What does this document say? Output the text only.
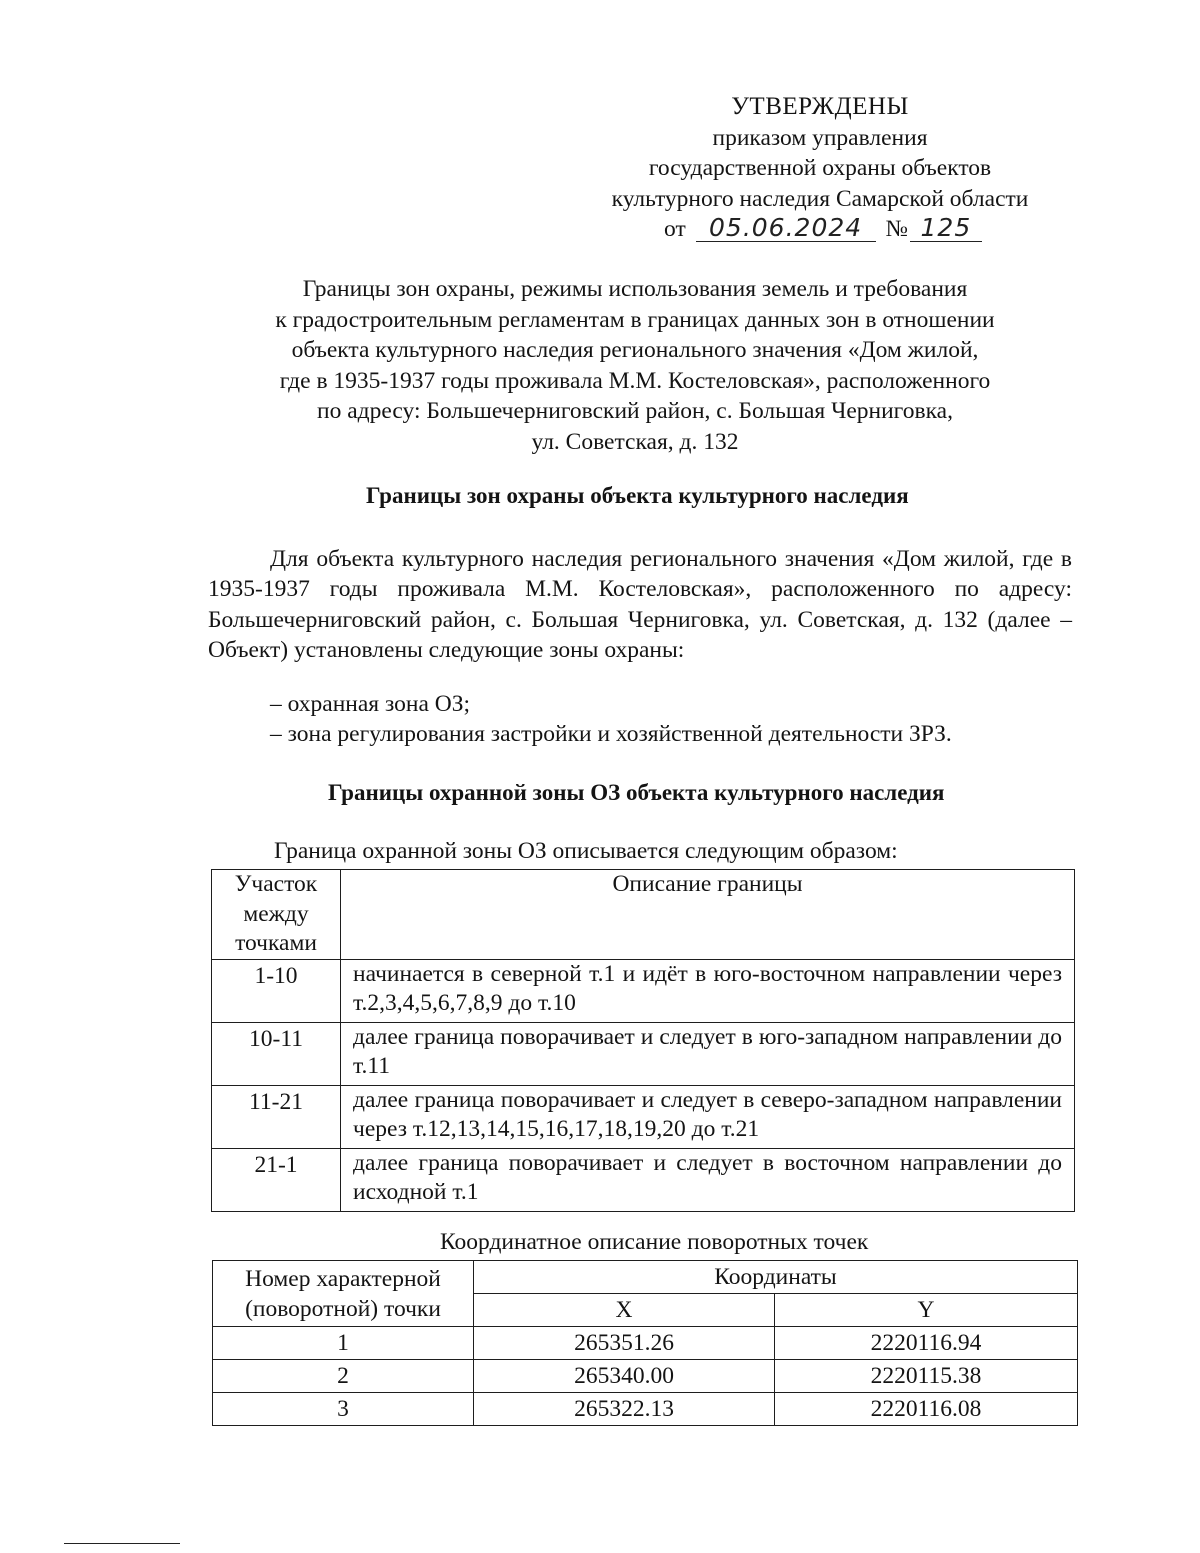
УТВЕРЖДЕНЫ
приказом управления
государственной охраны объектов
культурного наследия Самарской области
от 05.06.2024 № 125
Границы зон охраны, режимы использования земель и требования
к градостроительным регламентам в границах данных зон в отношении
объекта культурного наследия регионального значения «Дом жилой,
где в 1935-1937 годы проживала М.М. Костеловская», расположенного
по адресу: Большечерниговский район, с. Большая Черниговка,
ул. Советская, д. 132
Границы зон охраны объекта культурного наследия

Для объекта культурного наследия регионального значения «Дом жилой, где в 1935-1937 годы проживала М.М. Костеловская», расположенного по адресу: Большечерниговский район, с. Большая Черниговка, ул. Советская, д. 132 (далее – Объект) установлены следующие зоны охраны:

– охранная зона ОЗ;
– зона регулирования застройки и хозяйственной деятельности ЗРЗ.
Границы охранной зоны ОЗ объекта культурного наследия
Граница охранной зоны ОЗ описывается следующим образом:
Участок между точками	Описание границы
1-10	начинается в северной т.1 и идёт в юго-восточном направлении через т.2,3,4,5,6,7,8,9 до т.10
10-11	далее граница поворачивает и следует в юго-западном направлении до т.11
11-21	далее граница поворачивает и следует в северо-западном направлении через т.12,13,14,15,16,17,18,19,20 до т.21
21-1	далее граница поворачивает и следует в восточном направлении до исходной т.1
Координатное описание поворотных точек
Номер характерной (поворотной) точки	Координаты	
	X	Y
1	265351.26	2220116.94
2	265340.00	2220115.38
3	265322.13	2220116.08
